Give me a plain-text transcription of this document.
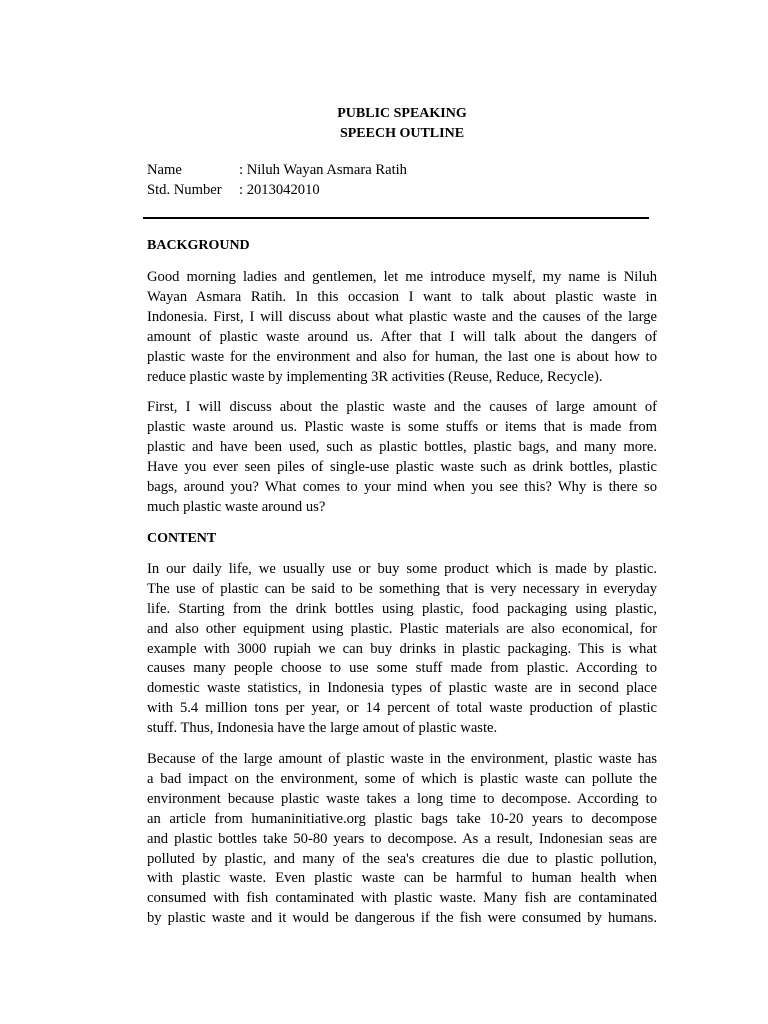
PUBLIC SPEAKING
SPEECH OUTLINE
Name	: Niluh Wayan Asmara Ratih
Std. Number	: 2013042010
BACKGROUND
Good morning ladies and gentlemen, let me introduce myself, my name is Niluh
Wayan Asmara Ratih. In this occasion I want to talk about plastic waste in
Indonesia. First, I will discuss about what plastic waste and the causes of the large
amount of plastic waste around us. After that I will talk about the dangers of
plastic waste for the environment and also for human, the last one is about how to
reduce plastic waste by implementing 3R activities (Reuse, Reduce, Recycle).
First, I will discuss about the plastic waste and the causes of large amount of
plastic waste around us. Plastic waste is some stuffs or items that is made from
plastic and have been used, such as plastic bottles, plastic bags, and many more.
Have you ever seen piles of single-use plastic waste such as drink bottles, plastic
bags, around you? What comes to your mind when you see this? Why is there so
much plastic waste around us?
CONTENT
In our daily life, we usually use or buy some product which is made by plastic.
The use of plastic can be said to be something that is very necessary in everyday
life. Starting from the drink bottles using plastic, food packaging using plastic,
and also other equipment using plastic. Plastic materials are also economical, for
example with 3000 rupiah we can buy drinks in plastic packaging. This is what
causes many people choose to use some stuff made from plastic. According to
domestic waste statistics, in Indonesia types of plastic waste are in second place
with 5.4 million tons per year, or 14 percent of total waste production of plastic
stuff. Thus, Indonesia have the large amout of plastic waste.
Because of the large amount of plastic waste in the environment, plastic waste has
a bad impact on the environment, some of which is plastic waste can pollute the
environment because plastic waste takes a long time to decompose. According to
an article from humaninitiative.org plastic bags take 10-20 years to decompose
and plastic bottles take 50-80 years to decompose. As a result, Indonesian seas are
polluted by plastic, and many of the sea's creatures die due to plastic pollution,
with plastic waste. Even plastic waste can be harmful to human health when
consumed with fish contaminated with plastic waste. Many fish are contaminated
by plastic waste and it would be dangerous if the fish were consumed by humans.
